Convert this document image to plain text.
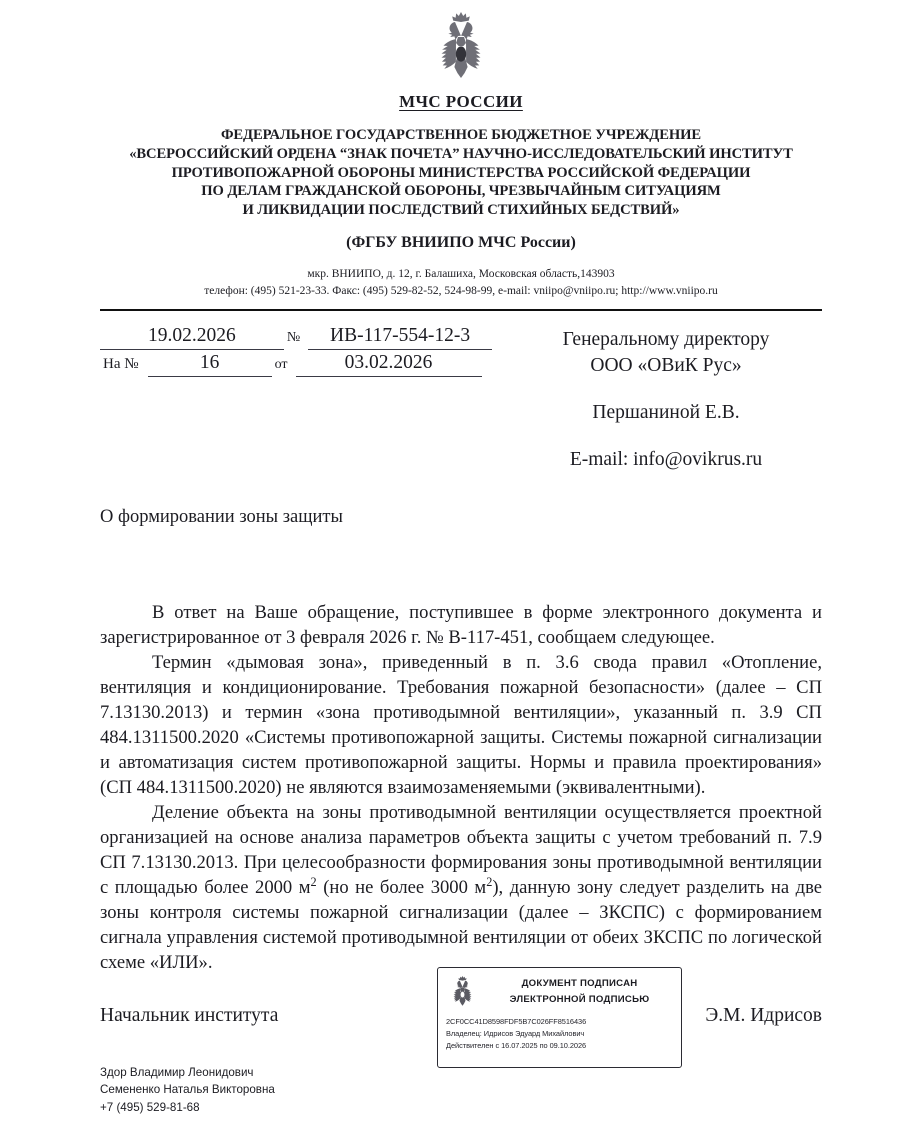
МЧС РОССИИ
ФЕДЕРАЛЬНОЕ ГОСУДАРСТВЕННОЕ БЮДЖЕТНОЕ УЧРЕЖДЕНИЕ
«ВСЕРОССИЙСКИЙ ОРДЕНА “ЗНАК ПОЧЕТА” НАУЧНО-ИССЛЕДОВАТЕЛЬСКИЙ ИНСТИТУТ
ПРОТИВОПОЖАРНОЙ ОБОРОНЫ МИНИСТЕРСТВА РОССИЙСКОЙ ФЕДЕРАЦИИ
ПО ДЕЛАМ ГРАЖДАНСКОЙ ОБОРОНЫ, ЧРЕЗВЫЧАЙНЫМ СИТУАЦИЯМ
И ЛИКВИДАЦИИ ПОСЛЕДСТВИЙ СТИХИЙНЫХ БЕДСТВИЙ»
(ФГБУ ВНИИПО МЧС России)
мкр. ВНИИПО, д. 12, г. Балашиха, Московская область,143903
телефон: (495) 521-23-33. Факс: (495) 529-82-52, 524-98-99, e-mail: vniipo@vniipo.ru; http://www.vniipo.ru
19.02.2026	№	ИВ-117-554-12-3
На №	16	от	03.02.2026
Генеральному директору
ООО «ОВиК Рус»
Першаниной Е.В.
E-mail: info@ovikrus.ru
О формировании зоны защиты

В ответ на Ваше обращение, поступившее в форме электронного документа и зарегистрированное от 3 февраля 2026 г. № В-117-451, сообщаем следующее.

Термин «дымовая зона», приведенный в п. 3.6 свода правил «Отопление, вентиляция и кондиционирование. Требования пожарной безопасности» (далее – СП 7.13130.2013) и термин «зона противодымной вентиляции», указанный п. 3.9 СП 484.1311500.2020 «Системы противопожарной защиты. Системы пожарной сигнализации и автоматизация систем противопожарной защиты. Нормы и правила проектирования» (СП 484.1311500.2020) не являются взаимозаменяемыми (эквивалентными).

Деление объекта на зоны противодымной вентиляции осуществляется проектной организацией на основе анализа параметров объекта защиты с учетом требований п. 7.9 СП 7.13130.2013. При целесообразности формирования зоны противодымной вентиляции с площадью более 2000 $м^2$ (но не более 3000 $м^2$), данную зону следует разделить на две зоны контроля системы пожарной сигнализации (далее – ЗКСПС) с формированием сигнала управления системой противодымной вентиляции от обеих ЗКСПС по логической схеме «ИЛИ».

Начальник института	Э.М. Идрисов
ДОКУМЕНТ ПОДПИСАН
ЭЛЕКТРОННОЙ ПОДПИСЬЮ
2CF0CC41D8598FDF5B7C026FF8516436
Владелец: Идрисов Эдуард Михайлович
Действителен с 16.07.2025 по 09.10.2026
Здор Владимир Леонидович
Семененко Наталья Викторовна
+7 (495) 529-81-68
